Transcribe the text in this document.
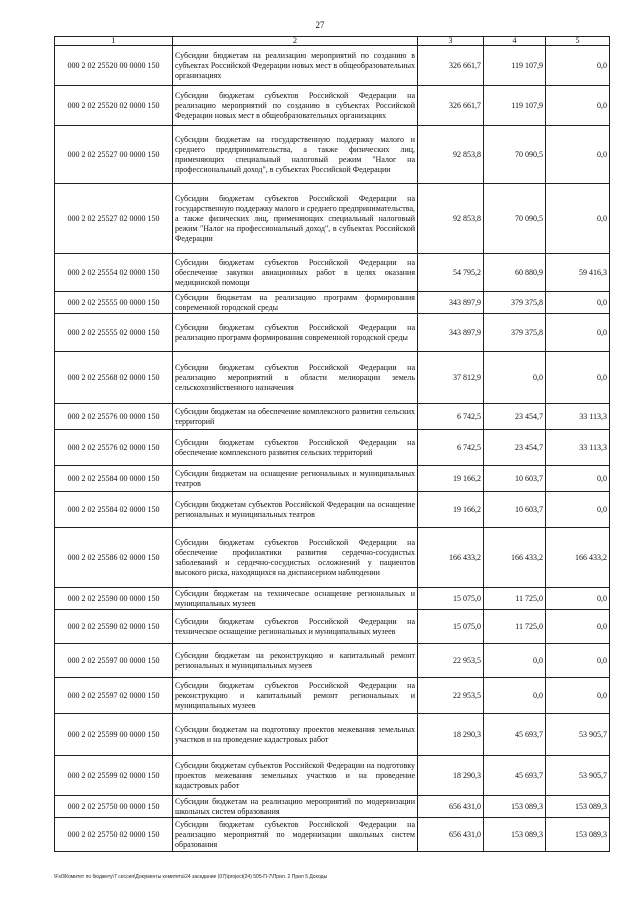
27
1	2	3	4	5
000 2 02 25520 00 0000 150	Субсидии бюджетам на реализацию мероприятий по созданию в субъектах Российской Федерации новых мест в общеобразовательных организациях	326 661,7	119 107,9	0,0
000 2 02 25520 02 0000 150	Субсидии бюджетам субъектов Российской Федерации на реализацию мероприятий по созданию в субъектах Российской Федерации новых мест в общеобразовательных организациях	326 661,7	119 107,9	0,0
000 2 02 25527 00 0000 150	Субсидии бюджетам на государственную поддержку малого и среднего предпринимательства, а также физических лиц, применяющих специальный налоговый режим "Налог на профессиональный доход", в субъектах Российской Федерации	92 853,8	70 090,5	0,0
000 2 02 25527 02 0000 150	Субсидии бюджетам субъектов Российской Федерации на государственную поддержку малого и среднего предпринимательства, а также физических лиц, применяющих специальный налоговый режим "Налог на профессиональный доход", в субъектах Российской Федерации	92 853,8	70 090,5	0,0
000 2 02 25554 02 0000 150	Субсидии бюджетам субъектов Российской Федерации на обеспечение закупки авиационных работ в целях оказания медицинской помощи	54 795,2	60 880,9	59 416,3
000 2 02 25555 00 0000 150	Субсидии бюджетам на реализацию программ формирования современной городской среды	343 897,9	379 375,8	0,0
000 2 02 25555 02 0000 150	Субсидии бюджетам субъектов Российской Федерации на реализацию программ формирования современной городской среды	343 897,9	379 375,8	0,0
000 2 02 25568 02 0000 150	Субсидии бюджетам субъектов Российской Федерации на реализацию мероприятий в области мелиорации земель сельскохозяйственного назначения	37 812,9	0,0	0,0
000 2 02 25576 00 0000 150	Субсидии бюджетам на обеспечение комплексного развития сельских территорий	6 742,5	23 454,7	33 113,3
000 2 02 25576 02 0000 150	Субсидии бюджетам субъектов Российской Федерации на обеспечение комплексного развития сельских территорий	6 742,5	23 454,7	33 113,3
000 2 02 25584 00 0000 150	Субсидии бюджетам на оснащение региональных и муниципальных театров	19 166,2	10 603,7	0,0
000 2 02 25584 02 0000 150	Субсидии бюджетам субъектов Российской Федерации на оснащение региональных и муниципальных театров	19 166,2	10 603,7	0,0
000 2 02 25586 02 0000 150	Субсидии бюджетам субъектов Российской Федерации на обеспечение профилактики развития сердечно-сосудистых заболеваний и сердечно-сосудистых осложнений у пациентов высокого риска, находящихся на диспансерном наблюдении	166 433,2	166 433,2	166 433,2
000 2 02 25590 00 0000 150	Субсидии бюджетам на техническое оснащение региональных и муниципальных музеев	15 075,0	11 725,0	0,0
000 2 02 25590 02 0000 150	Субсидии бюджетам субъектов Российской Федерации на техническое оснащение региональных и муниципальных музеев	15 075,0	11 725,0	0,0
000 2 02 25597 00 0000 150	Субсидии бюджетам на реконструкцию и капитальный ремонт региональных и муниципальных музеев	22 953,5	0,0	0,0
000 2 02 25597 02 0000 150	Субсидии бюджетам субъектов Российской Федерации на реконструкцию и капитальный ремонт региональных и муниципальных музеев	22 953,5	0,0	0,0
000 2 02 25599 00 0000 150	Субсидии бюджетам на подготовку проектов межевания земельных участков и на проведение кадастровых работ	18 290,3	45 693,7	53 905,7
000 2 02 25599 02 0000 150	Субсидии бюджетам субъектов Российской Федерации на подготовку проектов межевания земельных участков и на проведение кадастровых работ	18 290,3	45 693,7	53 905,7
000 2 02 25750 00 0000 150	Субсидии бюджетам на реализацию мероприятий по модернизации школьных систем образования	656 431,0	153 089,3	153 089,3
000 2 02 25750 02 0000 150	Субсидии бюджетам субъектов Российской Федерации на реализацию мероприятий по модернизации школьных систем образования	656 431,0	153 089,3	153 089,3
\Fs0\Комитет по бюджету\7 сессия\Документы комитета\24 заседание (07)\project(24) 505-П-7\Прил. 2 Прил 5 Доходы
